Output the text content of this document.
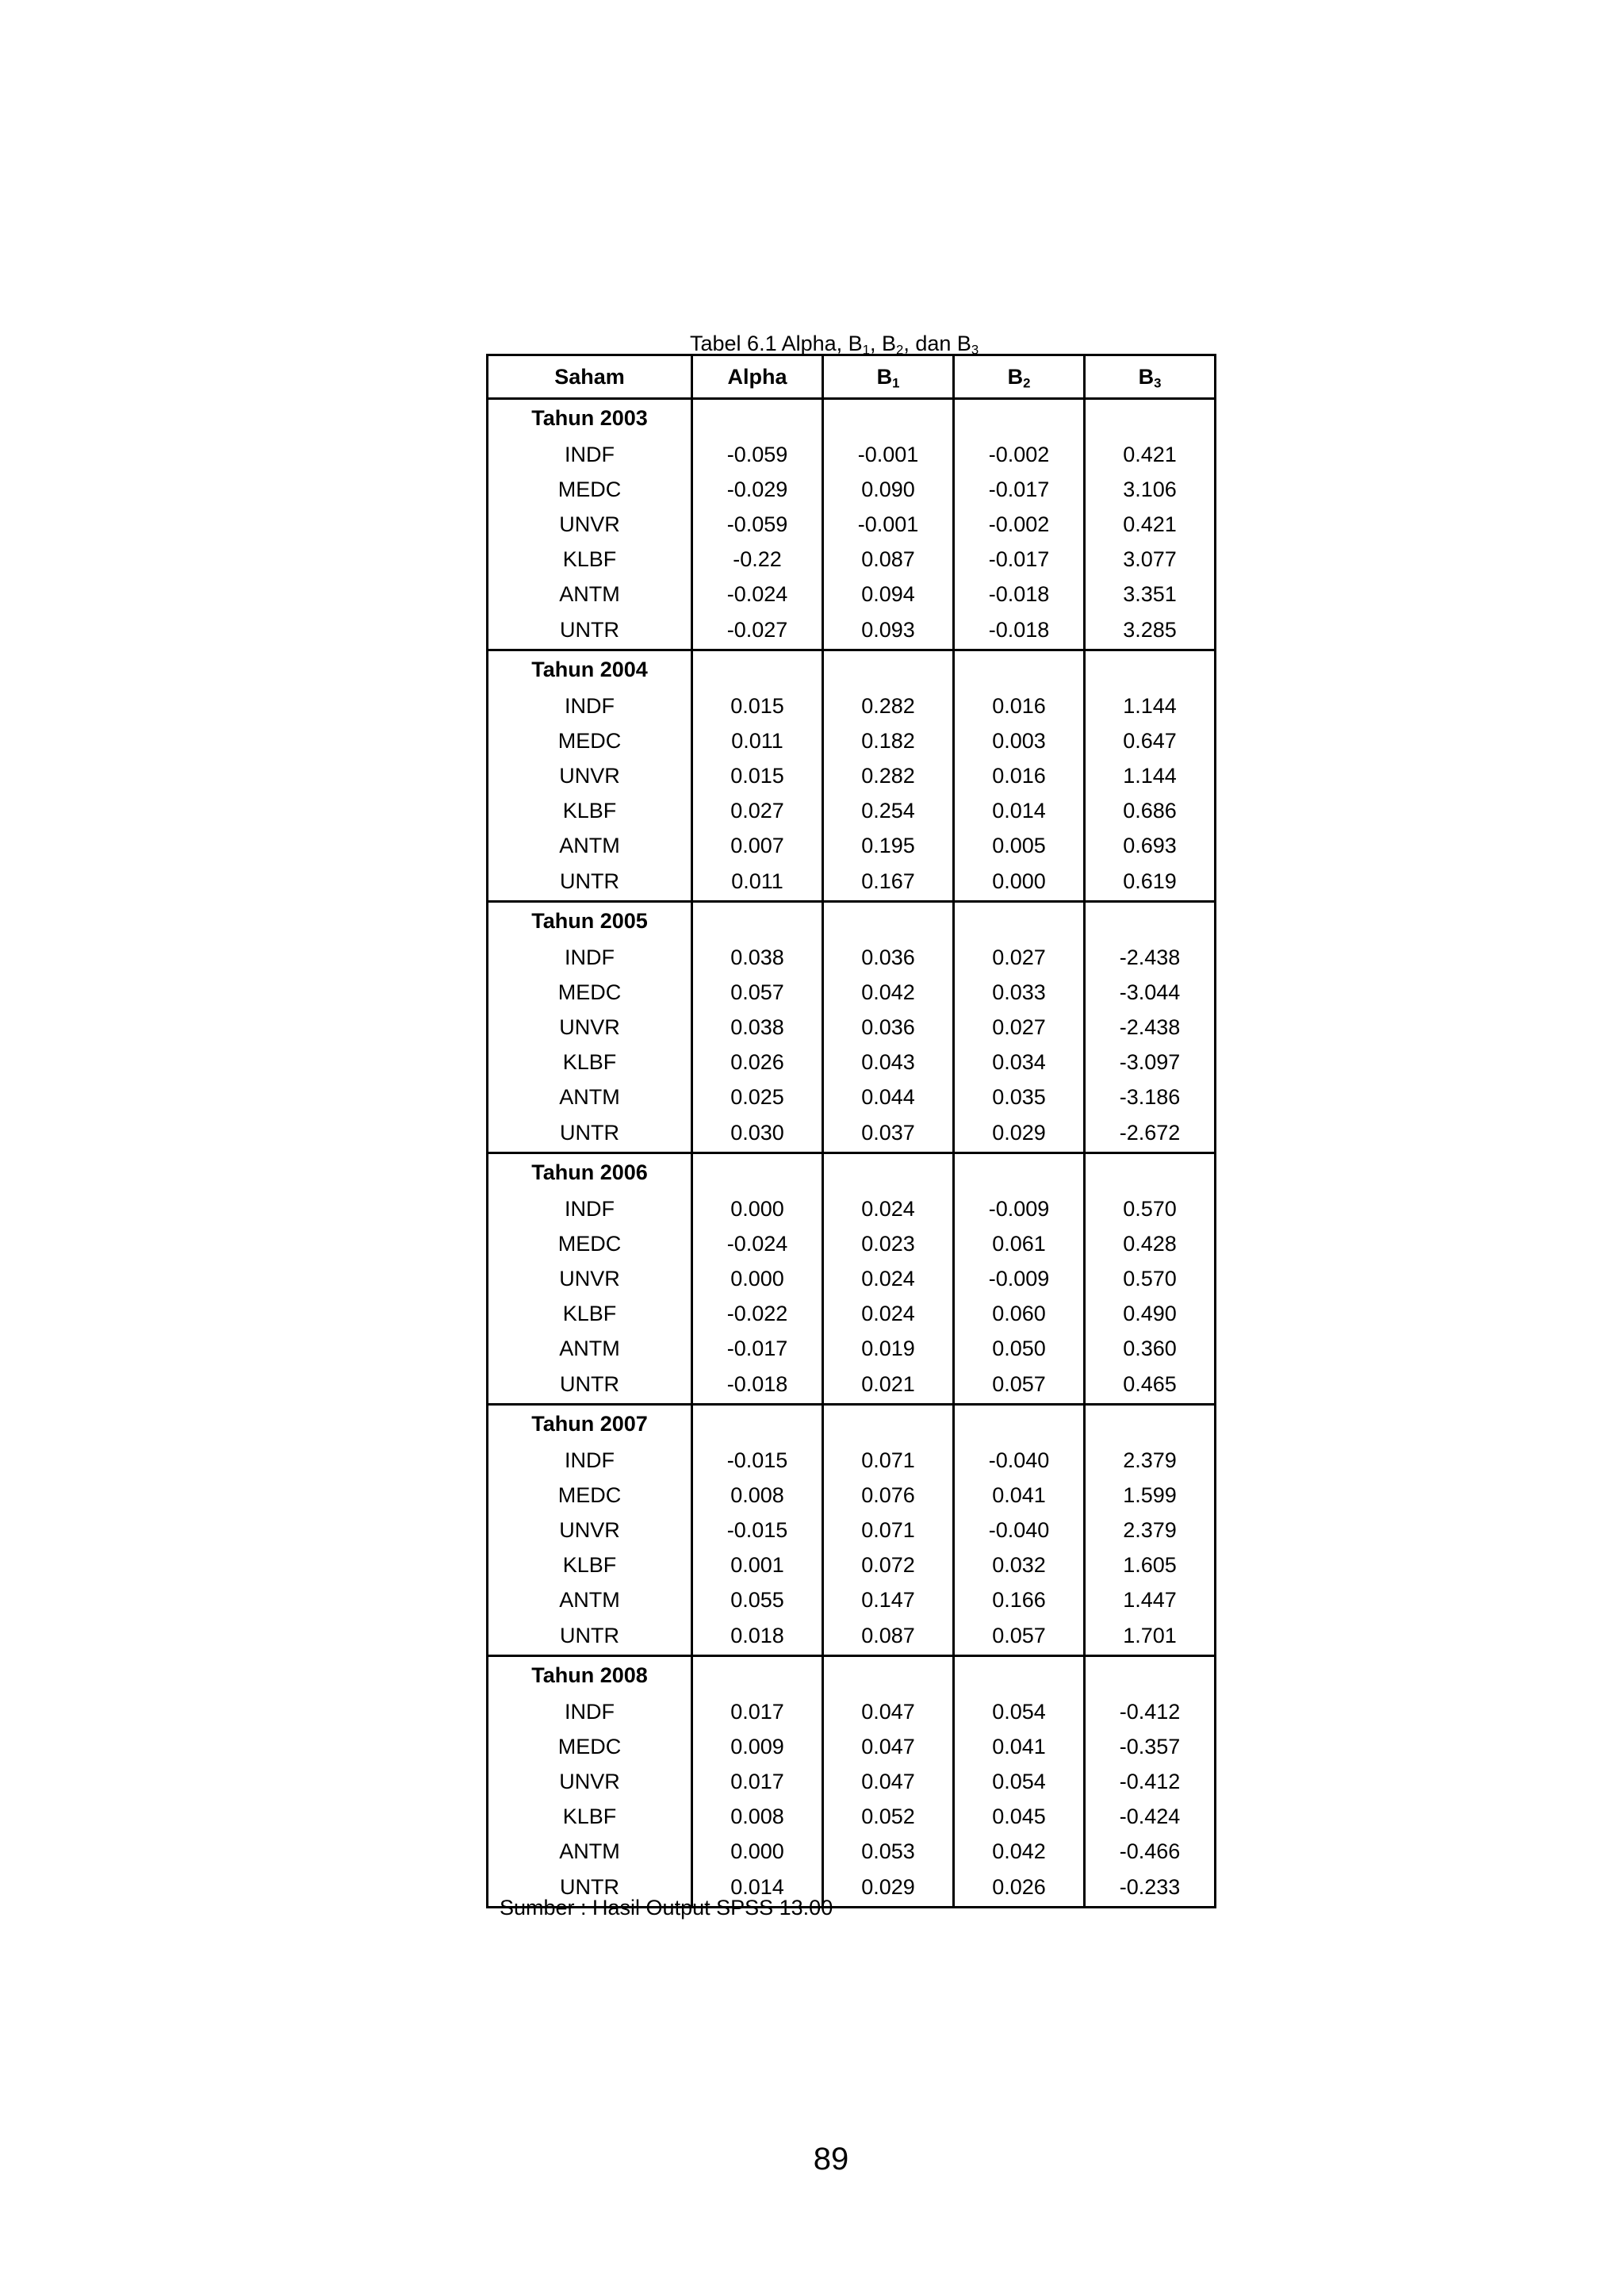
Tabel 6.1 Alpha, $B_1$, $B_2$, dan $B_3$
Saham	Alpha	$B_1$	$B_2$	$B_3$
Tahun 2003				
INDF	-0.059	-0.001	-0.002	0.421
MEDC	-0.029	0.090	-0.017	3.106
UNVR	-0.059	-0.001	-0.002	0.421
KLBF	-0.22	0.087	-0.017	3.077
ANTM	-0.024	0.094	-0.018	3.351
UNTR	-0.027	0.093	-0.018	3.285
Tahun 2004				
INDF	0.015	0.282	0.016	1.144
MEDC	0.011	0.182	0.003	0.647
UNVR	0.015	0.282	0.016	1.144
KLBF	0.027	0.254	0.014	0.686
ANTM	0.007	0.195	0.005	0.693
UNTR	0.011	0.167	0.000	0.619
Tahun 2005				
INDF	0.038	0.036	0.027	-2.438
MEDC	0.057	0.042	0.033	-3.044
UNVR	0.038	0.036	0.027	-2.438
KLBF	0.026	0.043	0.034	-3.097
ANTM	0.025	0.044	0.035	-3.186
UNTR	0.030	0.037	0.029	-2.672
Tahun 2006				
INDF	0.000	0.024	-0.009	0.570
MEDC	-0.024	0.023	0.061	0.428
UNVR	0.000	0.024	-0.009	0.570
KLBF	-0.022	0.024	0.060	0.490
ANTM	-0.017	0.019	0.050	0.360
UNTR	-0.018	0.021	0.057	0.465
Tahun 2007				
INDF	-0.015	0.071	-0.040	2.379
MEDC	0.008	0.076	0.041	1.599
UNVR	-0.015	0.071	-0.040	2.379
KLBF	0.001	0.072	0.032	1.605
ANTM	0.055	0.147	0.166	1.447
UNTR	0.018	0.087	0.057	1.701
Tahun 2008				
INDF	0.017	0.047	0.054	-0.412
MEDC	0.009	0.047	0.041	-0.357
UNVR	0.017	0.047	0.054	-0.412
KLBF	0.008	0.052	0.045	-0.424
ANTM	0.000	0.053	0.042	-0.466
UNTR	0.014	0.029	0.026	-0.233
Sumber : Hasil Output SPSS 13.00
89
